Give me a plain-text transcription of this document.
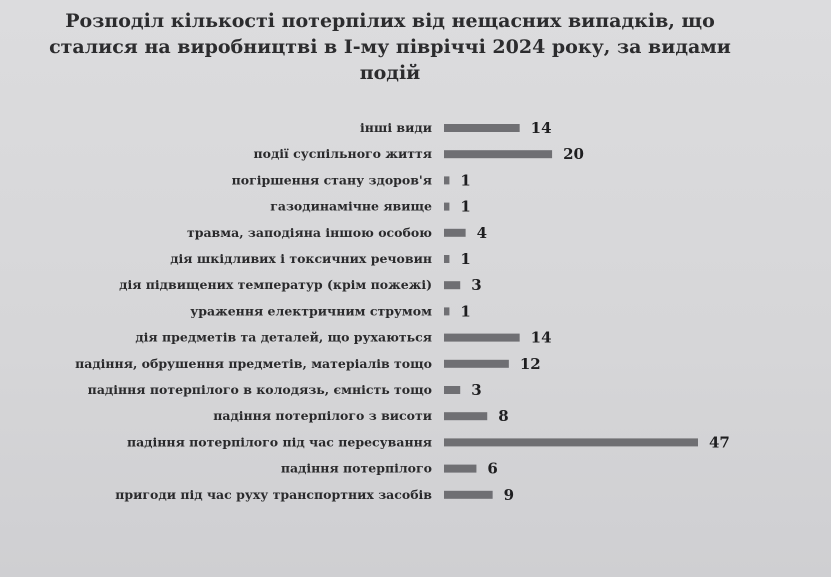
Розподіл кількості потерпілих від нещасних випадків, що сталися на виробництві в І-му півріччі 2024 року, за видами подій
інші види	14
події суспільного життя	20
погіршення стану здоров'я 1
газодинамічне явище 1
травма, заподіяна іншою особою	4
дія шкідливих і токсичних речовин 1
дія підвищених температур (крім пожежі)	3
ураження електричним струмом 1
дія предметів та деталей, що рухаються	14
падіння, обрушення предметів, матеріалів тощо	12
падіння потерпілого в колодязь, ємність тощо	3
падіння потерпілого з висоти	8
падіння потерпілого під час пересування	47
падіння потерпілого	6
пригоди під час руху транспортних засобів	9
